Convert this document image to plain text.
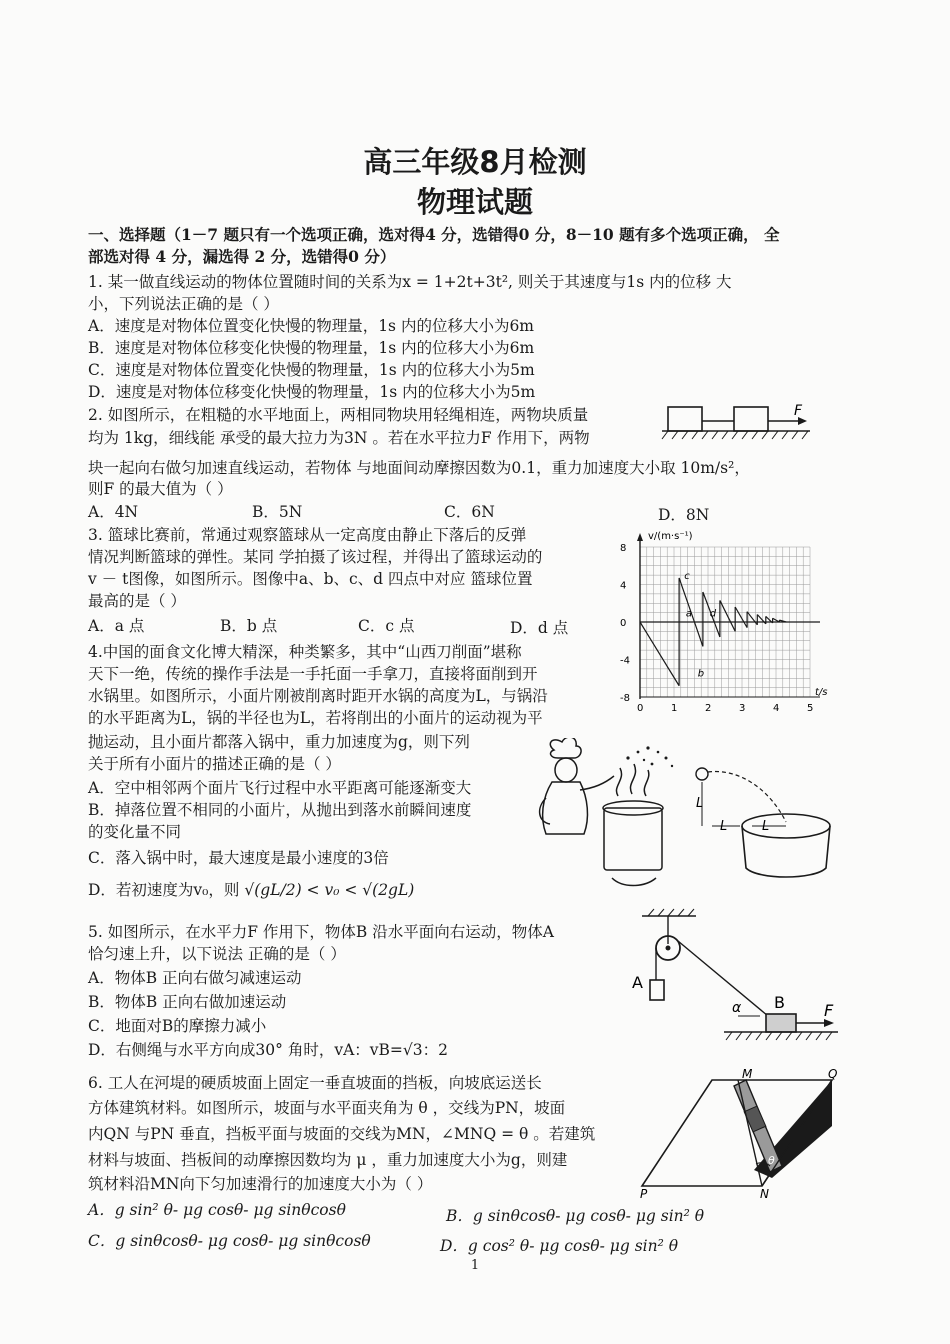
高三年级8月检测
物理试题
一、选择题（1－7 题只有一个选项正确，选对得4 分，选错得0 分，8－10 题有多个选项正确， 全
部选对得 4 分，漏选得 2 分，选错得0 分）
1. 某一做直线运动的物体位置随时间的关系为x = 1+2t+3t², 则关于其速度与1s 内的位移 大
小，下列说法正确的是（ ）
A．速度是对物体位置变化快慢的物理量，1s 内的位移大小为6m
B．速度是对物体位移变化快慢的物理量，1s 内的位移大小为6m
C．速度是对物体位置变化快慢的物理量，1s 内的位移大小为5m
D．速度是对物体位移变化快慢的物理量，1s 内的位移大小为5m
2. 如图所示，在粗糙的水平地面上，两相同物块用轻绳相连，两物块质量
均为 1kg，细线能 承受的最大拉力为3N 。若在水平拉力F 作用下，两物
块一起向右做匀加速直线运动，若物体 与地面间动摩擦因数为0.1，重力加速度大小取 10m/s²，
则F 的最大值为（ ）
A．4N	B．5N	C．6N	D．8N
F
3. 篮球比赛前，常通过观察篮球从一定高度由静止下落后的反弹
情况判断篮球的弹性。某同 学拍摄了该过程，并得出了篮球运动的
v － t图像，如图所示。图像中a、b、c、d 四点中对应 篮球位置
最高的是（ ）
A．a 点	B．b 点	C．c 点	D．d 点
0	1	2	3	4	5
8
4
0
-4
-8
a
b
c
d
v/(m·s⁻¹)
t/s
4.中国的面食文化博大精深，种类繁多，其中“山西刀削面”堪称
天下一绝，传统的操作手法是一手托面一手拿刀，直接将面削到开
水锅里。如图所示，小面片刚被削离时距开水锅的高度为L，与锅沿
的水平距离为L，锅的半径也为L，若将削出的小面片的运动视为平
抛运动，且小面片都落入锅中，重力加速度为g，则下列
关于所有小面片的描述正确的是（ ）
A．空中相邻两个面片飞行过程中水平距离可能逐渐变大
B．掉落位置不相同的小面片，从抛出到落水前瞬间速度
的变化量不同
C．落入锅中时，最大速度是最小速度的3倍
D．若初速度为v₀，则 √(gL/2) < v₀ < √(2gL)
L
L	L
5. 如图所示，在水平力F 作用下，物体B 沿水平面向右运动，物体A
恰匀速上升，以下说法 正确的是（ ）
A．物体B 正向右做匀减速运动
B．物体B 正向右做加速运动
C．地面对B的摩擦力减小
D．右侧绳与水平方向成30° 角时，vA：vB=√3：2
A
α B F
6. 工人在河堤的硬质坡面上固定一垂直坡面的挡板，向坡底运送长
方体建筑材料。如图所示，坡面与水平面夹角为 θ ，交线为PN，坡面
内QN 与PN 垂直，挡板平面与坡面的交线为MN，∠MNQ = θ 。若建筑
材料与坡面、挡板间的动摩擦因数均为 μ ，重力加速度大小为g，则建
筑材料沿MN向下匀加速滑行的加速度大小为（ ）
A．g sin² θ- μg cosθ- μg sinθcosθ	B．g sinθcosθ- μg cosθ- μg sin² θ
C．g sinθcosθ- μg cosθ- μg sinθcosθ	D．g cos² θ- μg cosθ- μg sin² θ
M	Q
P	N
θ
1
